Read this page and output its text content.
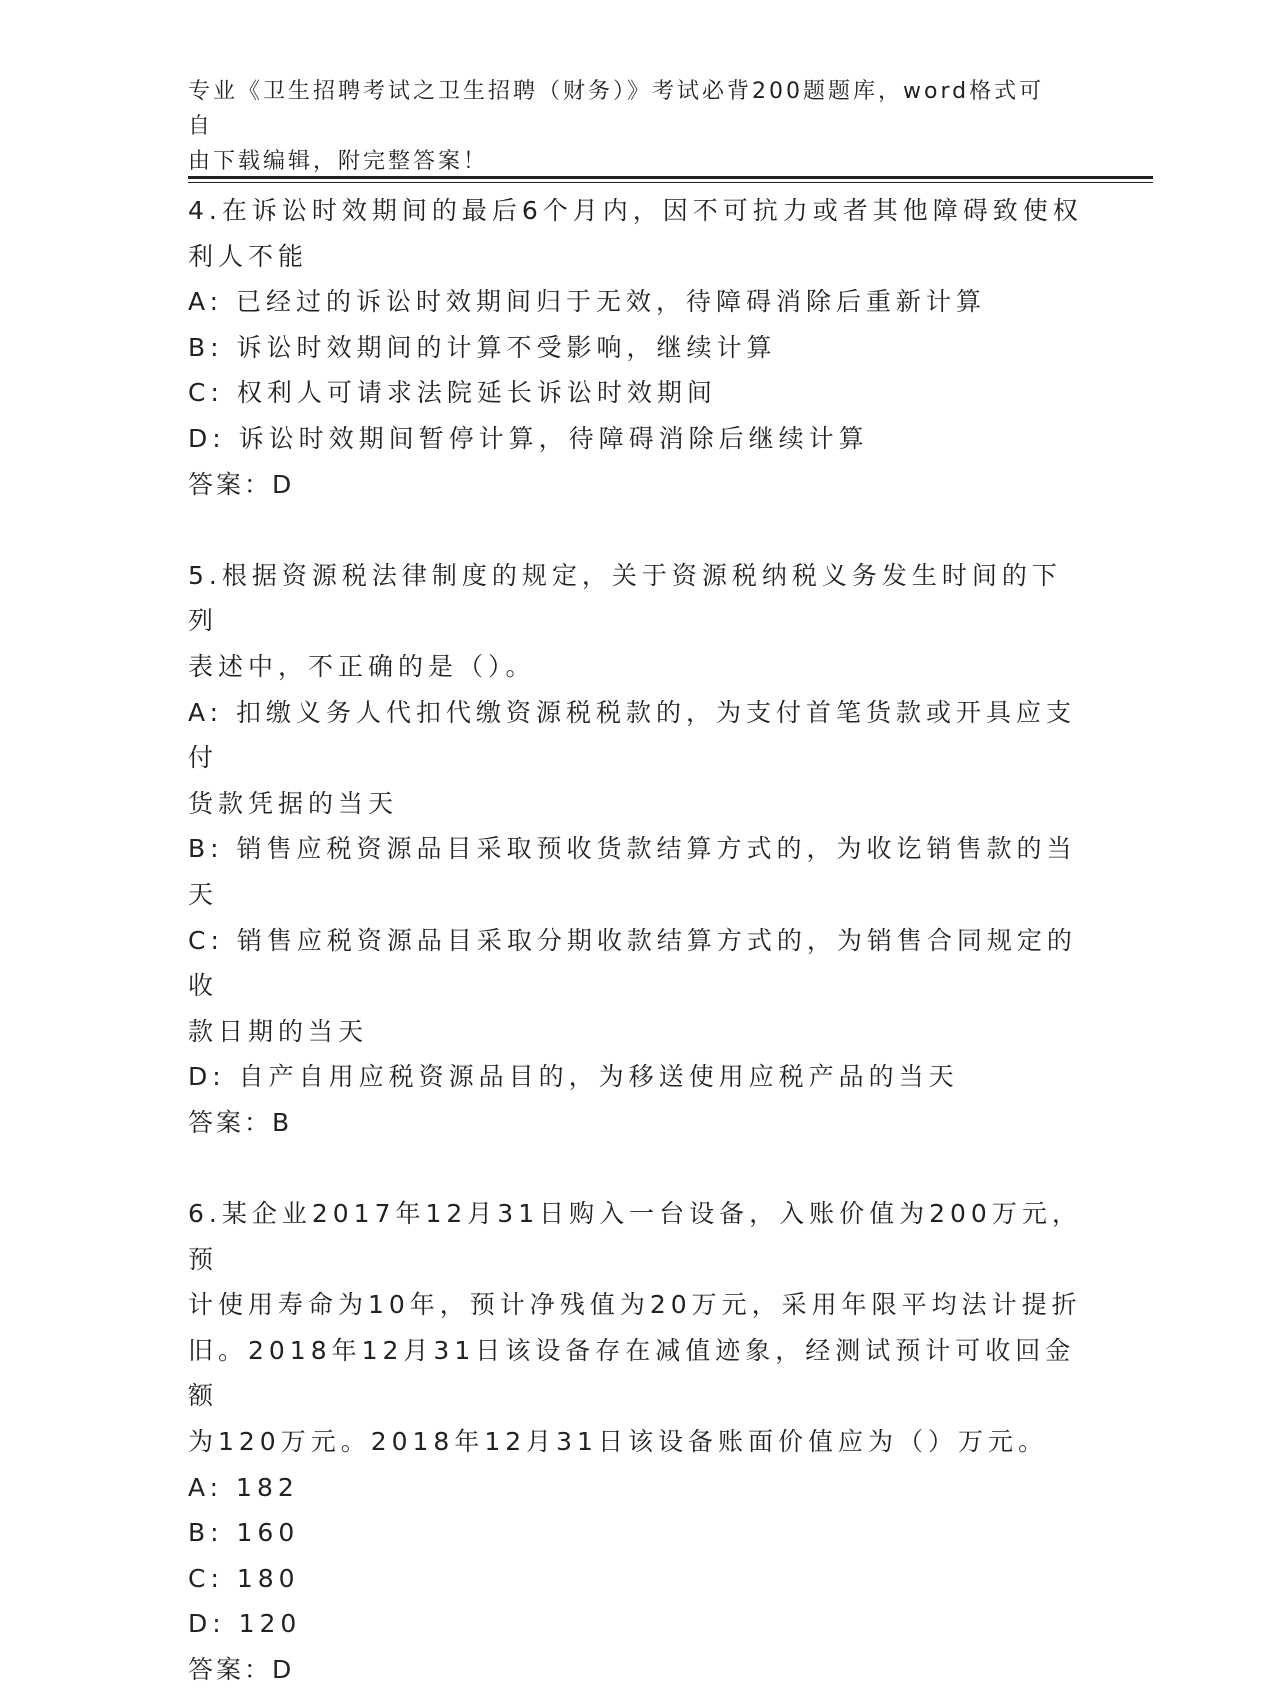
专业《卫生招聘考试之卫生招聘（财务）》考试必背200题题库，word格式可自
由下载编辑，附完整答案！
4.在诉讼时效期间的最后6个月内，因不可抗力或者其他障碍致使权
利人不能
A: 已经过的诉讼时效期间归于无效，待障碍消除后重新计算
B: 诉讼时效期间的计算不受影响，继续计算
C: 权利人可请求法院延长诉讼时效期间
D: 诉讼时效期间暂停计算，待障碍消除后继续计算
答案：D
5.根据资源税法律制度的规定，关于资源税纳税义务发生时间的下列
表述中，不正确的是（）。
A: 扣缴义务人代扣代缴资源税税款的，为支付首笔货款或开具应支付
货款凭据的当天
B: 销售应税资源品目采取预收货款结算方式的，为收讫销售款的当天
C: 销售应税资源品目采取分期收款结算方式的，为销售合同规定的收
款日期的当天
D: 自产自用应税资源品目的，为移送使用应税产品的当天
答案：B
6.某企业2017年12月31日购入一台设备，入账价值为200万元，预
计使用寿命为10年，预计净残值为20万元，采用年限平均法计提折
旧。2018年12月31日该设备存在减值迹象，经测试预计可收回金额
为120万元。2018年12月31日该设备账面价值应为（）万元。
A: 182
B: 160
C: 180
D: 120
答案：D
